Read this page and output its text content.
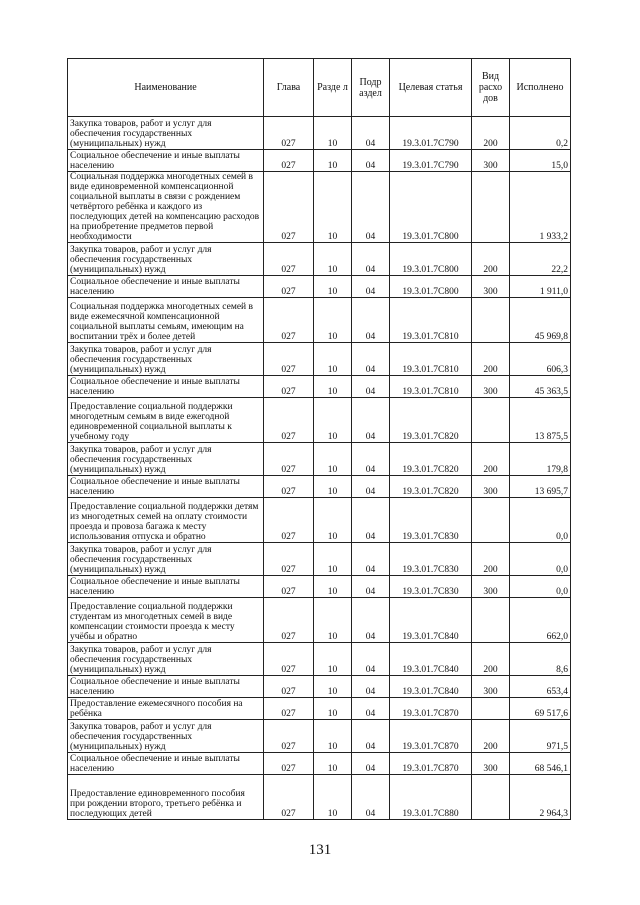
Наименование	Глава	Разде л	Подр аздел	Целевая статья	Вид расхо дов	Исполнено
Закупка товаров, работ и услуг для обеспечения государственных (муниципальных) нужд	027	10	04	19.3.01.7С790	200	0,2
Социальное обеспечение и иные выплаты населению	027	10	04	19.3.01.7С790	300	15,0
Социальная поддержка многодетных семей в виде единовременной компенсационной социальной выплаты в связи с рождением четвёртого ребёнка и каждого из последующих детей на компенсацию расходов на приобретение предметов первой необходимости	027	10	04	19.3.01.7С800		1 933,2
Закупка товаров, работ и услуг для обеспечения государственных (муниципальных) нужд	027	10	04	19.3.01.7С800	200	22,2
Социальное обеспечение и иные выплаты населению	027	10	04	19.3.01.7С800	300	1 911,0
Социальная поддержка многодетных семей в виде ежемесячной компенсационной социальной выплаты семьям, имеющим на воспитании трёх и более детей	027	10	04	19.3.01.7С810		45 969,8
Закупка товаров, работ и услуг для обеспечения государственных (муниципальных) нужд	027	10	04	19.3.01.7С810	200	606,3
Социальное обеспечение и иные выплаты населению	027	10	04	19.3.01.7С810	300	45 363,5
Предоставление социальной поддержки многодетным семьям в виде ежегодной единовременной социальной выплаты к учебному году	027	10	04	19.3.01.7С820		13 875,5
Закупка товаров, работ и услуг для обеспечения государственных (муниципальных) нужд	027	10	04	19.3.01.7С820	200	179,8
Социальное обеспечение и иные выплаты населению	027	10	04	19.3.01.7С820	300	13 695,7
Предоставление социальной поддержки детям из многодетных семей на оплату стоимости проезда и провоза багажа к месту использования отпуска и обратно	027	10	04	19.3.01.7С830		0,0
Закупка товаров, работ и услуг для обеспечения государственных (муниципальных) нужд	027	10	04	19.3.01.7С830	200	0,0
Социальное обеспечение и иные выплаты населению	027	10	04	19.3.01.7С830	300	0,0
Предоставление социальной поддержки студентам из многодетных семей в виде компенсации стоимости проезда к месту учёбы и обратно	027	10	04	19.3.01.7С840		662,0
Закупка товаров, работ и услуг для обеспечения государственных (муниципальных) нужд	027	10	04	19.3.01.7С840	200	8,6
Социальное обеспечение и иные выплаты населению	027	10	04	19.3.01.7С840	300	653,4
Предоставление ежемесячного пособия на ребёнка	027	10	04	19.3.01.7С870		69 517,6
Закупка товаров, работ и услуг для обеспечения государственных (муниципальных) нужд	027	10	04	19.3.01.7С870	200	971,5
Социальное обеспечение и иные выплаты населению	027	10	04	19.3.01.7С870	300	68 546,1
Предоставление единовременного пособия при рождении второго, третьего ребёнка и последующих детей	027	10	04	19.3.01.7С880		2 964,3
131
